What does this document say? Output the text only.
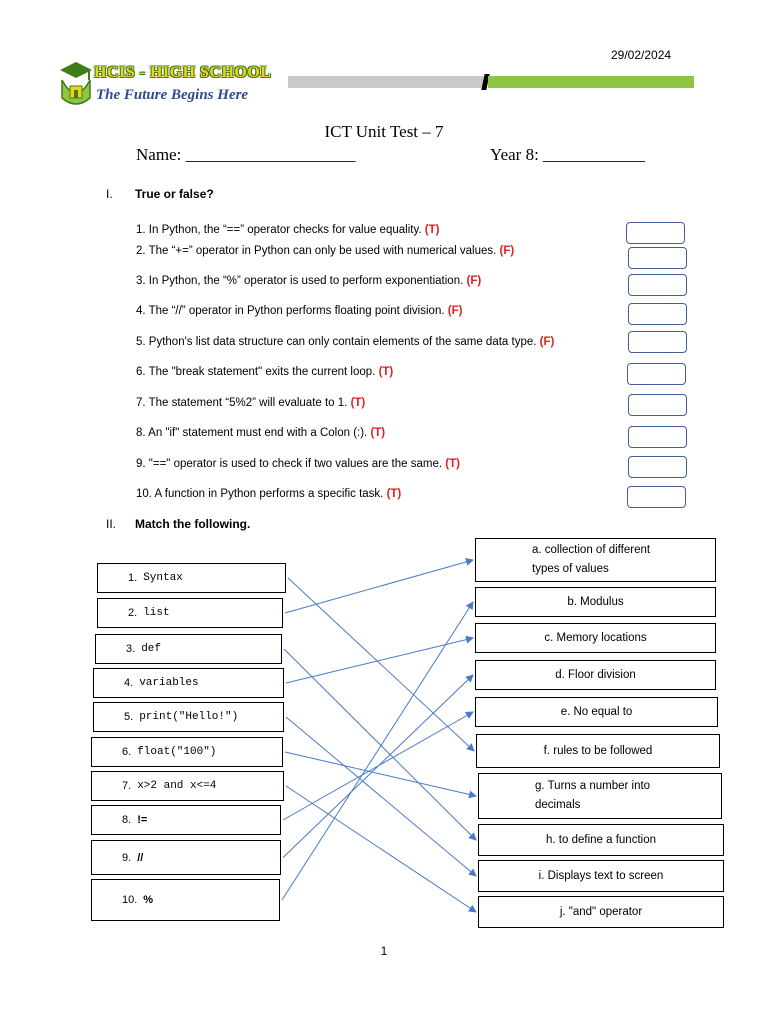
29/02/2024
HCIS - HIGH SCHOOL
The Future Begins Here
ICT Unit Test – 7
Name: ____________________	Year 8: ____________
I. True or false?
1. In Python, the “==” operator checks for value equality. (T)
2. The “+=” operator in Python can only be used with numerical values. (F)
3. In Python, the “%” operator is used to perform exponentiation. (F)
4. The “//” operator in Python performs floating point division. (F)
5. Python's list data structure can only contain elements of the same data type. (F)
6. The "break statement" exits the current loop. (T)
7. The statement “5%2” will evaluate to 1. (T)
8. An "if" statement must end with a Colon (:). (T)
9. "==" operator is used to check if two values are the same. (T)
10. A function in Python performs a specific task. (T)
II. Match the following.
1. Syntax
2. list
3. def
4. variables
5. print("Hello!")
6. float("100")
7. x>2 and x<=4
8. !=
9. //
10. %
a. collection of different
types of values
b. Modulus
c. Memory locations
d. Floor division
e. No equal to
f. rules to be followed
g. Turns a number into
decimals
h. to define a function
i. Displays text to screen
j. "and" operator
1
